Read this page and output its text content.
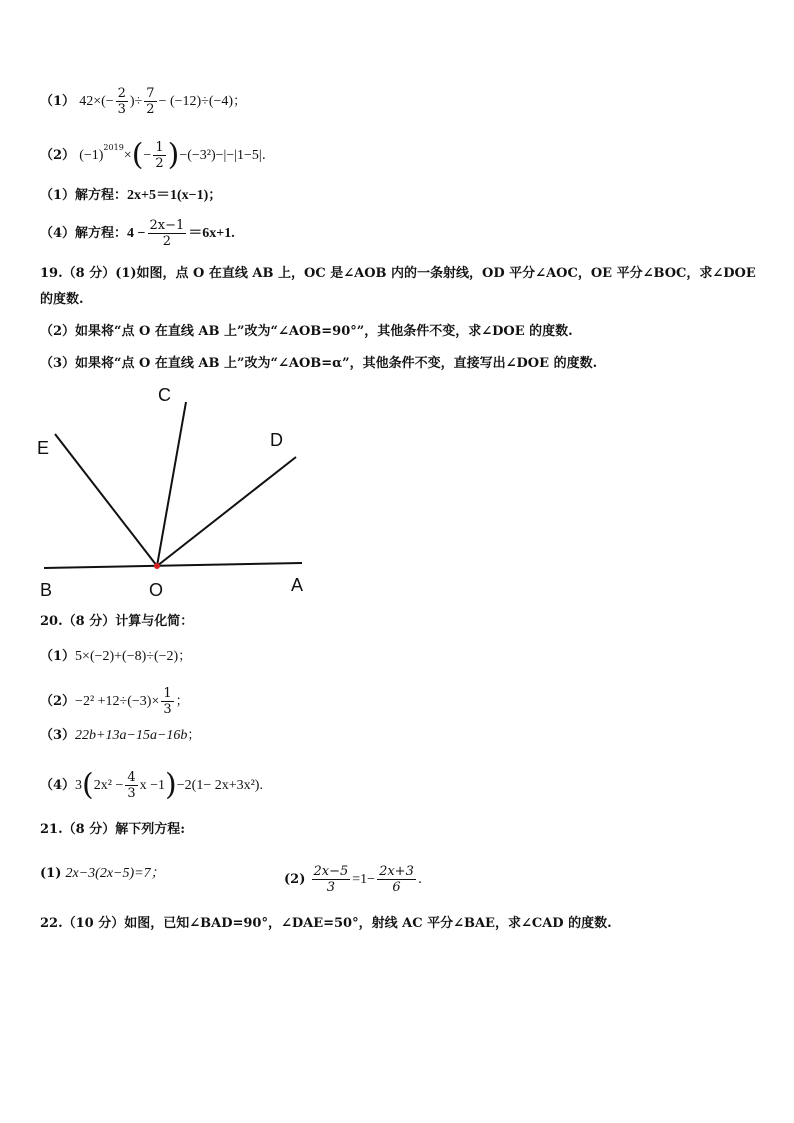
（1） $42\times(- \frac{2}{3}$ )÷ $\frac{7}{2} - (-12)\div(-4)$；
（2） $(-1)^{2019}\times(- \frac{1}{2} )-(-3^2)-|-|1-5|$.
（1）解方程：2x+5＝1(x−1)；
（4）解方程：$4 - \frac{2x-1}{2} =6x+1$.
19.（8 分）(1)如图，点 O 在直线 AB 上，OC 是∠AOB 内的一条射线，OD 平分∠AOC，OE 平分∠BOC，求∠DOE
的度数.
（2）如果将“点 O 在直线 AB 上”改为“∠AOB=90°”，其他条件不变，求∠DOE 的度数.
（3）如果将“点 O 在直线 AB 上”改为“∠AOB=α”，其他条件不变，直接写出∠DOE 的度数.
C
E	D
B	O	A
20.（8 分）计算与化简：
（1）5×(−2)+(−8)÷(−2)；
$(2)-2^2 +12\div(-3)\times \frac{1}{3}$ ；
（3）22b+13a−15a−16b；
$(4)3(2x^2 - \frac{4}{3}$ x −1)−2(1− 2x+3x²).
21.（8 分）解下列方程:
(1) 2x−3(2x−5)=7；	$(2) \frac{2x-5}{3} =1- \frac{2x+3}{6}$ .
22.（10 分）如图，已知∠BAD=90°，∠DAE=50°，射线 AC 平分∠BAE，求∠CAD 的度数.
